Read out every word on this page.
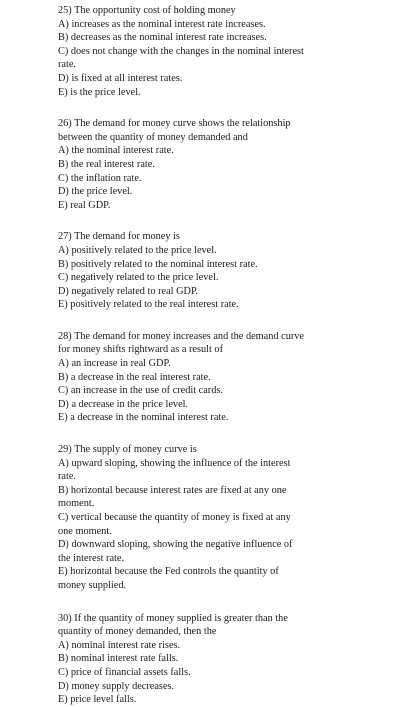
25) The opportunity cost of holding money
A) increases as the nominal interest rate increases.
B) decreases as the nominal interest rate increases.
C) does not change with the changes in the nominal interest
rate.
D) is fixed at all interest rates.
E) is the price level.
26) The demand for money curve shows the relationship
between the quantity of money demanded and
A) the nominal interest rate.
B) the real interest rate.
C) the inflation rate.
D) the price level.
E) real GDP.
27) The demand for money is
A) positively related to the price level.
B) positively related to the nominal interest rate.
C) negatively related to the price level.
D) negatively related to real GDP.
E) positively related to the real interest rate.
28) The demand for money increases and the demand curve
for money shifts rightward as a result of
A) an increase in real GDP.
B) a decrease in the real interest rate.
C) an increase in the use of credit cards.
D) a decrease in the price level.
E) a decrease in the nominal interest rate.
29) The supply of money curve is
A) upward sloping, showing the influence of the interest
rate.
B) horizontal because interest rates are fixed at any one
moment.
C) vertical because the quantity of money is fixed at any
one moment.
D) downward sloping, showing the negative influence of
the interest rate.
E) horizontal because the Fed controls the quantity of
money supplied.
30) If the quantity of money supplied is greater than the
quantity of money demanded, then the
A) nominal interest rate rises.
B) nominal interest rate falls.
C) price of financial assets falls.
D) money supply decreases.
E) price level falls.
